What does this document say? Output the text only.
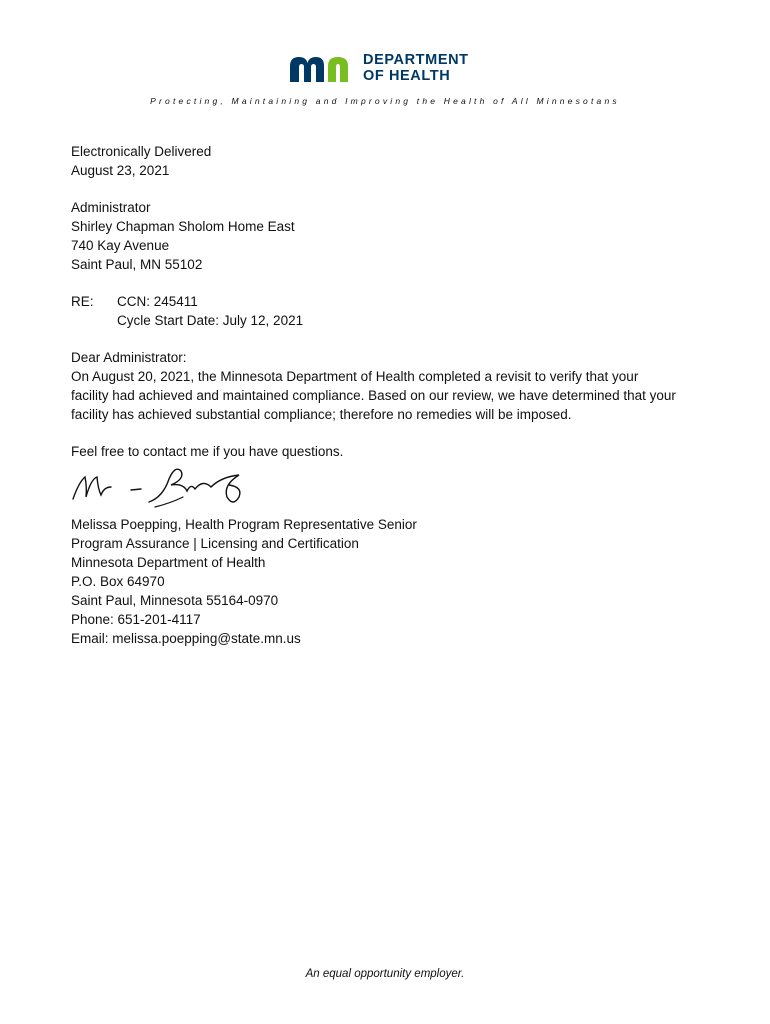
DEPARTMENT
OF HEALTH
Protecting, Maintaining and Improving the Health of All Minnesotans

Electronically Delivered

August 23, 2021

Administrator

Shirley Chapman Sholom Home East

740 Kay Avenue

Saint Paul, MN 55102

RE:	CCN: 245411

Cycle Start Date: July 12, 2021

Dear Administrator:

On August 20, 2021, the Minnesota Department of Health completed a revisit to verify that your

facility had achieved and maintained compliance. Based on our review, we have determined that your

facility has achieved substantial compliance; therefore no remedies will be imposed.

Feel free to contact me if you have questions.

Melissa Poepping, Health Program Representative Senior

Program Assurance | Licensing and Certification

Minnesota Department of Health

P.O. Box 64970

Saint Paul, Minnesota 55164-0970

Phone: 651-201-4117

Email: melissa.poepping@state.mn.us

An equal opportunity employer.
